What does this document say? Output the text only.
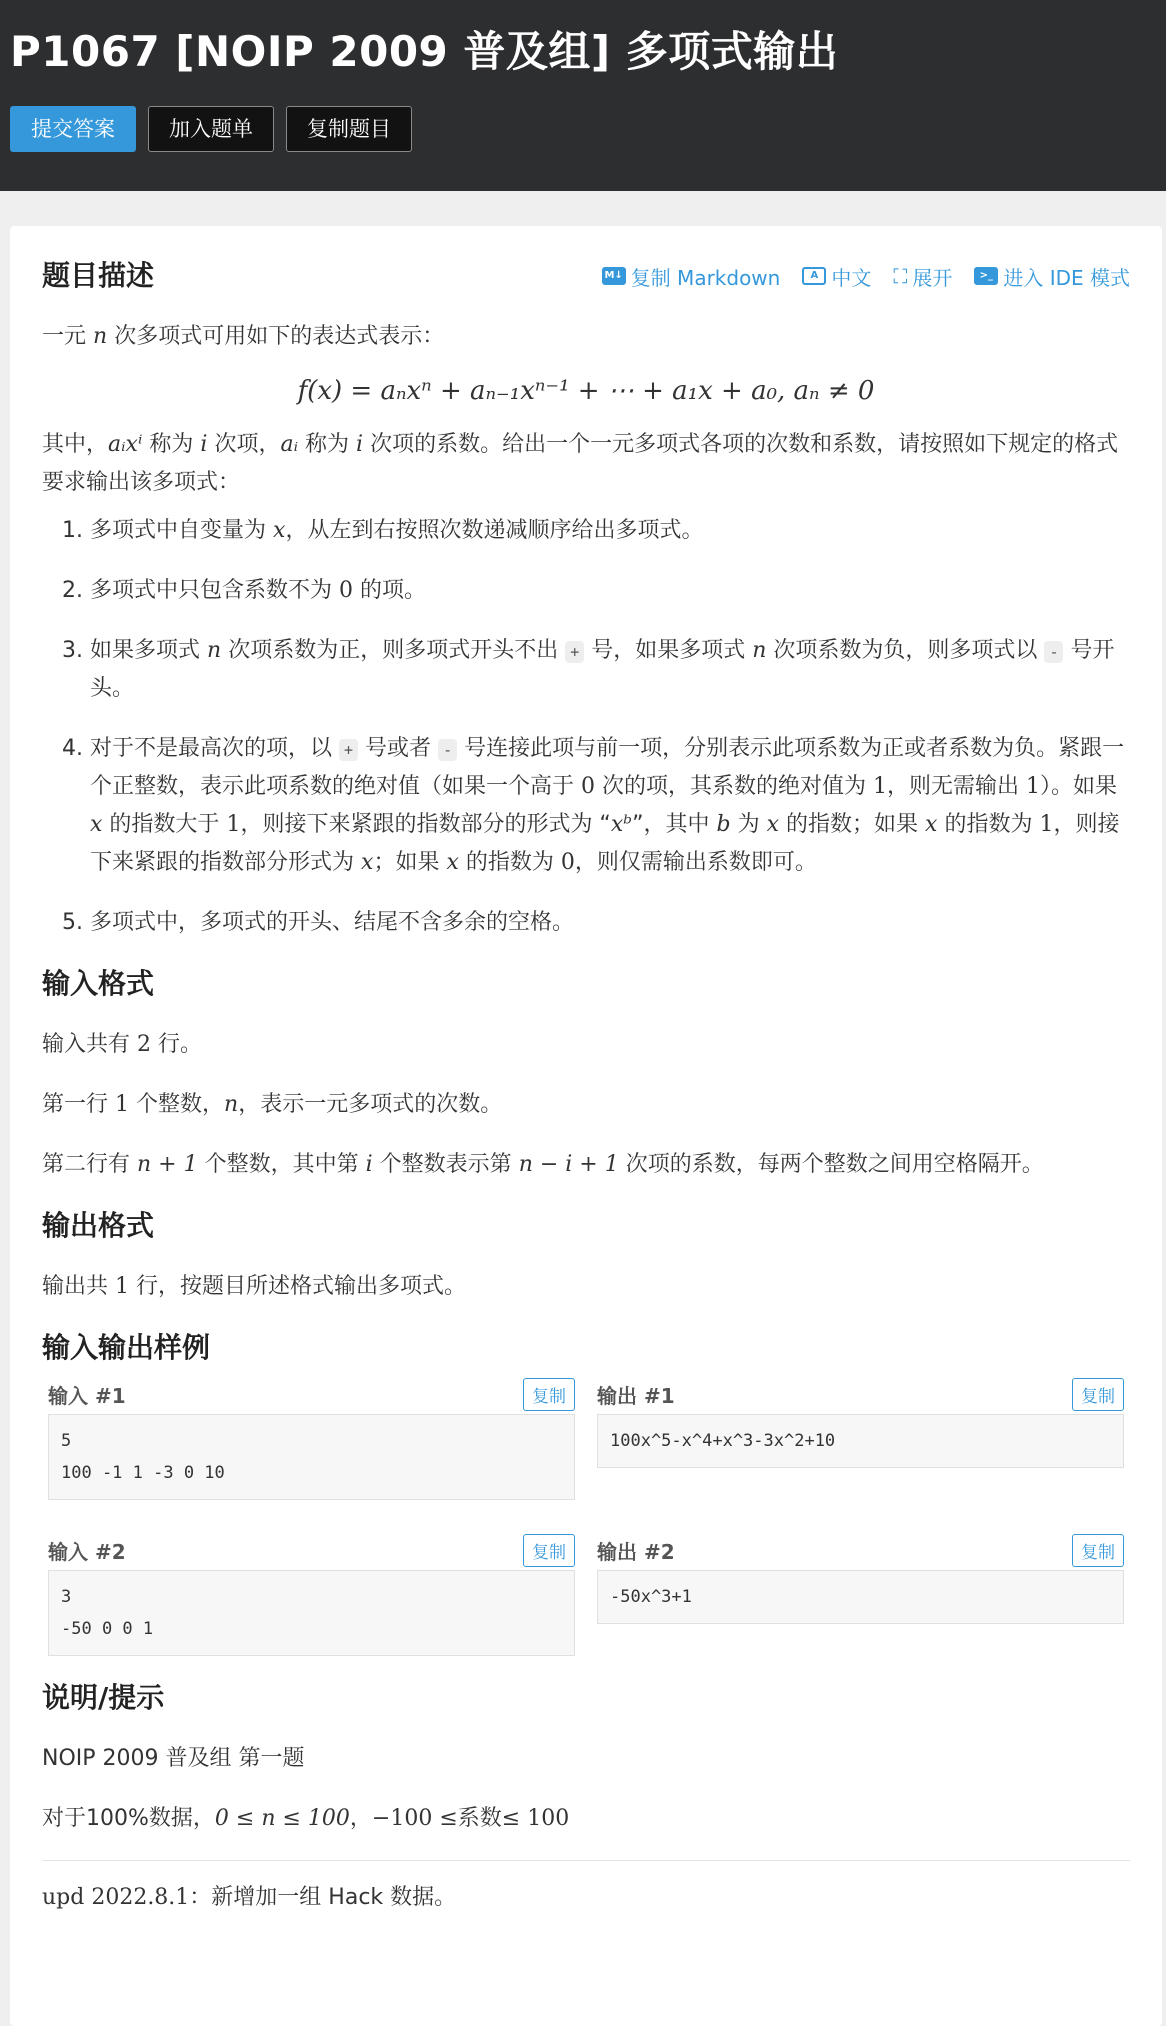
P1067 [NOIP 2009 普及组] 多项式输出
提交答案	加入题单	复制题目
题目描述	M↓ 复制 Markdown	A 中文 ⛶ 展开	>_ 进入 IDE 模式

一元 n 次多项式可用如下的表达式表示：

f(x) = aₙxⁿ + aₙ₋₁xⁿ⁻¹ + ⋯ + a₁x + a₀, aₙ ≠ 0

其中，aᵢxⁱ 称为 i 次项，aᵢ 称为 i 次项的系数。给出一个一元多项式各项的次数和系数，请按照如下规定的格式要求输出该多项式：

1. 多项式中自变量为 x，从左到右按照次数递减顺序给出多项式。
2. 多项式中只包含系数不为 0 的项。
3. 如果多项式 n 次项系数为正，则多项式开头不出 + 号，如果多项式 n 次项系数为负，则多项式以 - 号开头。
4. 对于不是最高次的项，以 + 号或者 - 号连接此项与前一项，分别表示此项系数为正或者系数为负。紧跟一个正整数，表示此项系数的绝对值（如果一个高于 0 次的项，其系数的绝对值为 1，则无需输出 1）。如果 x 的指数大于 1，则接下来紧跟的指数部分的形式为 “xᵇ”，其中 b 为 x 的指数；如果 x 的指数为 1，则接下来紧跟的指数部分形式为 x；如果 x 的指数为 0，则仅需输出系数即可。
5. 多项式中，多项式的开头、结尾不含多余的空格。
输入格式

输入共有 2 行。

第一行 1 个整数，n，表示一元多项式的次数。

第二行有 n + 1 个整数，其中第 i 个整数表示第 n − i + 1 次项的系数，每两个整数之间用空格隔开。

输出格式

输出共 1 行，按题目所述格式输出多项式。

输入输出样例
输入 #1	复制
5
100 -1 1 -3 0 10
输出 #1	复制
100x^5-x^4+x^3-3x^2+10
输入 #2	复制
3
-50 0 0 1
输出 #2	复制
-50x^3+1
说明/提示

NOIP 2009 普及组 第一题

对于100%数据，0 ≤ n ≤ 100，−100 ≤系数≤ 100

upd 2022.8.1：新增加一组 Hack 数据。
